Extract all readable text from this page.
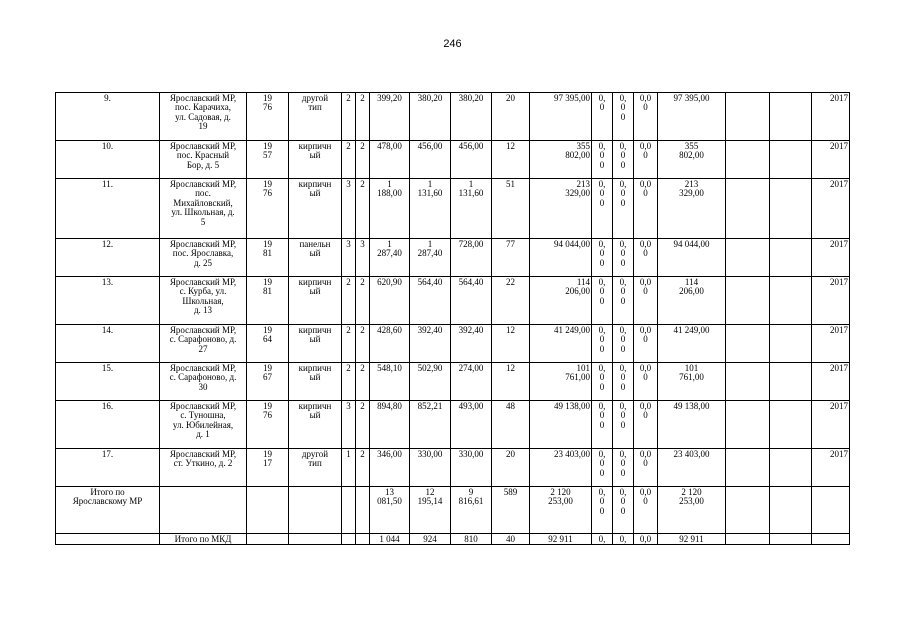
246
9.	Ярославский МР,
пос. Карачиха,
ул. Садовая, д.
19	19
76	другой
тип	2	2	399,20	380,20	380,20	20	97 395,00	0,
0	0,
0
0	0,0
0	97 395,00			2017
10.	Ярославский МР,
пос. Красный
Бор, д. 5	19
57	кирпичн
ый	2	2	478,00	456,00	456,00	12	355
802,00	0,
0
0	0,
0
0	0,0
0	355
802,00			2017
11.	Ярославский МР,
пос.
Михайловский,
ул. Школьная, д.
5	19
76	кирпичн
ый	3	2	1
188,00	1
131,60	1
131,60	51	213
329,00	0,
0
0	0,
0
0	0,0
0	213
329,00			2017
12.	Ярославский МР,
пос. Ярославка,
д. 25	19
81	панельн
ый	3	3	1
287,40	1
287,40	728,00	77	94 044,00	0,
0
0	0,
0
0	0,0
0	94 044,00			2017
13.	Ярославский МР,
с. Курба, ул.
Школьная,
д. 13	19
81	кирпичн
ый	2	2	620,90	564,40	564,40	22	114
206,00	0,
0
0	0,
0
0	0,0
0	114
206,00			2017
14.	Ярославский МР,
с. Сарафоново, д.
27	19
64	кирпичн
ый	2	2	428,60	392,40	392,40	12	41 249,00	0,
0
0	0,
0
0	0,0
0	41 249,00			2017
15.	Ярославский МР,
с. Сарафоново, д.
30	19
67	кирпичн
ый	2	2	548,10	502,90	274,00	12	101
761,00	0,
0
0	0,
0
0	0,0
0	101
761,00			2017
16.	Ярославский МР,
с. Туношна,
ул. Юбилейная,
д. 1	19
76	кирпичн
ый	3	2	894,80	852,21	493,00	48	49 138,00	0,
0
0	0,
0
0	0,0
0	49 138,00			2017
17.	Ярославский МР,
ст. Уткино, д. 2	19
17	другой
тип	1	2	346,00	330,00	330,00	20	23 403,00	0,
0
0	0,
0
0	0,0
0	23 403,00			2017
Итого по
Ярославскому МР						13
081,50	12
195,14	9
816,61	589	2 120
253,00	0,
0
0	0,
0
0	0,0
0	2 120
253,00			
	Итого по МКД					1 044	924	810	40	92 911	0,	0,	0,0	92 911			
